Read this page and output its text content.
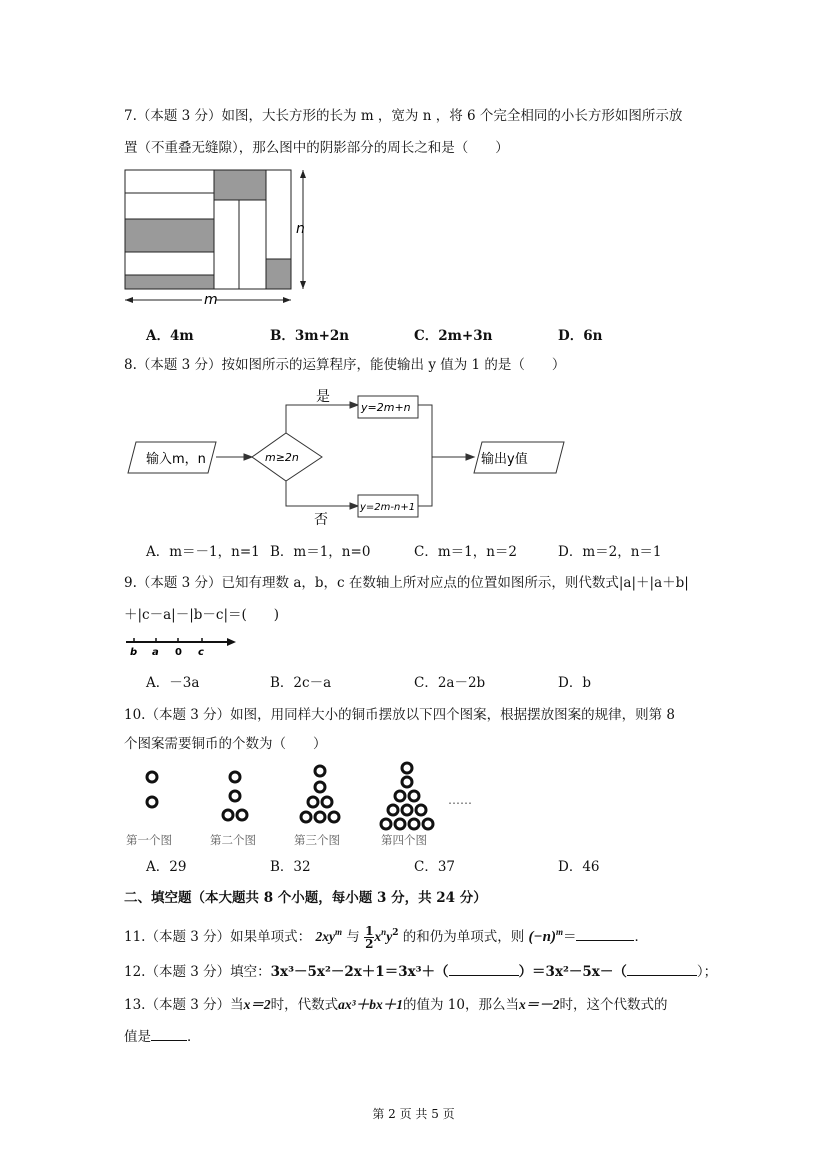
7.（本题 3 分）如图，大长方形的长为 m ，宽为 n ，将 6 个完全相同的小长方形如图所示放
置（不重叠无缝隙），那么图中的阴影部分的周长之和是（　　）
n
m
A．4m	B．3m+2n	C．2m+3n	D．6n
8.（本题 3 分）按如图所示的运算程序，能使输出 y 值为 1 的是（　　）
输入m，n	m≥2n
是
否
y=2m+n
y=2m-n+1
输出y值
A．m＝－1，n=1 B．m＝1，n=0	C．m＝1，n＝2	D．m＝2，n＝1
9.（本题 3 分）已知有理数 a，b，c 在数轴上所对应点的位置如图所示，则代数式|a|＋|a＋b|
＋|c－a|－|b－c|＝(　　)
b a 0 c
A．－3a	B．2c－a	C．2a－2b	D．b
10.（本题 3 分）如图，用同样大小的铜币摆放以下四个图案，根据摆放图案的规律，则第 8
个图案需要铜币的个数为（　　）
……
第一个图	第二个图	第三个图	第四个图
A．29	B．32	C．37	D．46
二、填空题（本大题共 8 个小题，每小题 3 分，共 24 分）
11.（本题 3 分）如果单项式： $2xy^m$ 与 $\frac{1}{2} x^ny^2$ 的和仍为单项式，则 $(-n)^m=$	．
12.（本题 3 分）填空：3x³－5x²－2x＋1＝3x³＋（	）＝3x²－5x－（	）；
13.（本题 3 分）当x＝2时，代数式ax³＋bx＋1的值为 10，那么当x＝－2时，这个代数式的
值是	．
第 2 页 共 5 页
